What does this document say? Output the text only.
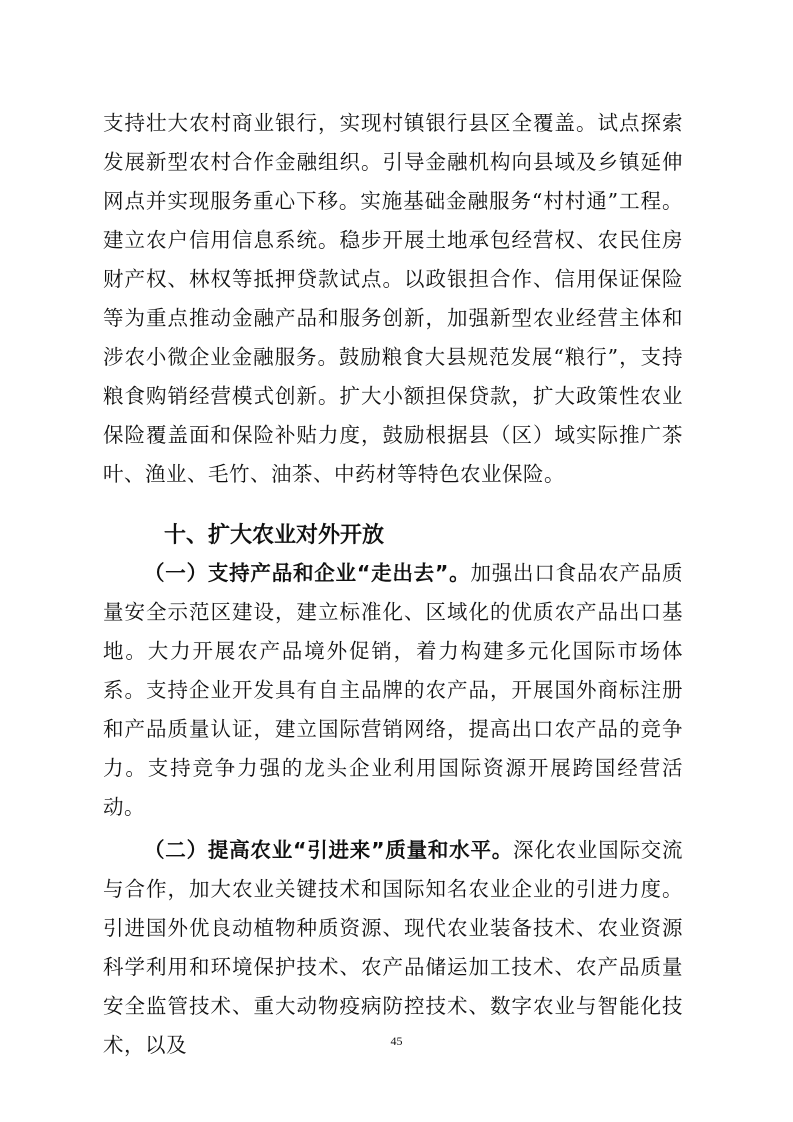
支持壮大农村商业银行，实现村镇银行县区全覆盖。试点探索发展新型农村合作金融组织。引导金融机构向县域及乡镇延伸网点并实现服务重心下移。实施基础金融服务“村村通”工程。建立农户信用信息系统。稳步开展土地承包经营权、农民住房财产权、林权等抵押贷款试点。以政银担合作、信用保证保险等为重点推动金融产品和服务创新，加强新型农业经营主体和涉农小微企业金融服务。鼓励粮食大县规范发展“粮行”，支持粮食购销经营模式创新。扩大小额担保贷款，扩大政策性农业保险覆盖面和保险补贴力度，鼓励根据县（区）域实际推广茶叶、渔业、毛竹、油茶、中药材等特色农业保险。

十、扩大农业对外开放

（一）支持产品和企业“走出去”。加强出口食品农产品质量安全示范区建设，建立标准化、区域化的优质农产品出口基地。大力开展农产品境外促销，着力构建多元化国际市场体系。支持企业开发具有自主品牌的农产品，开展国外商标注册和产品质量认证，建立国际营销网络，提高出口农产品的竞争力。支持竞争力强的龙头企业利用国际资源开展跨国经营活动。

（二）提高农业“引进来”质量和水平。深化农业国际交流与合作，加大农业关键技术和国际知名农业企业的引进力度。引进国外优良动植物种质资源、现代农业装备技术、农业资源科学利用和环境保护技术、农产品储运加工技术、农产品质量安全监管技术、重大动物疫病防控技术、数字农业与智能化技术，以及	45
